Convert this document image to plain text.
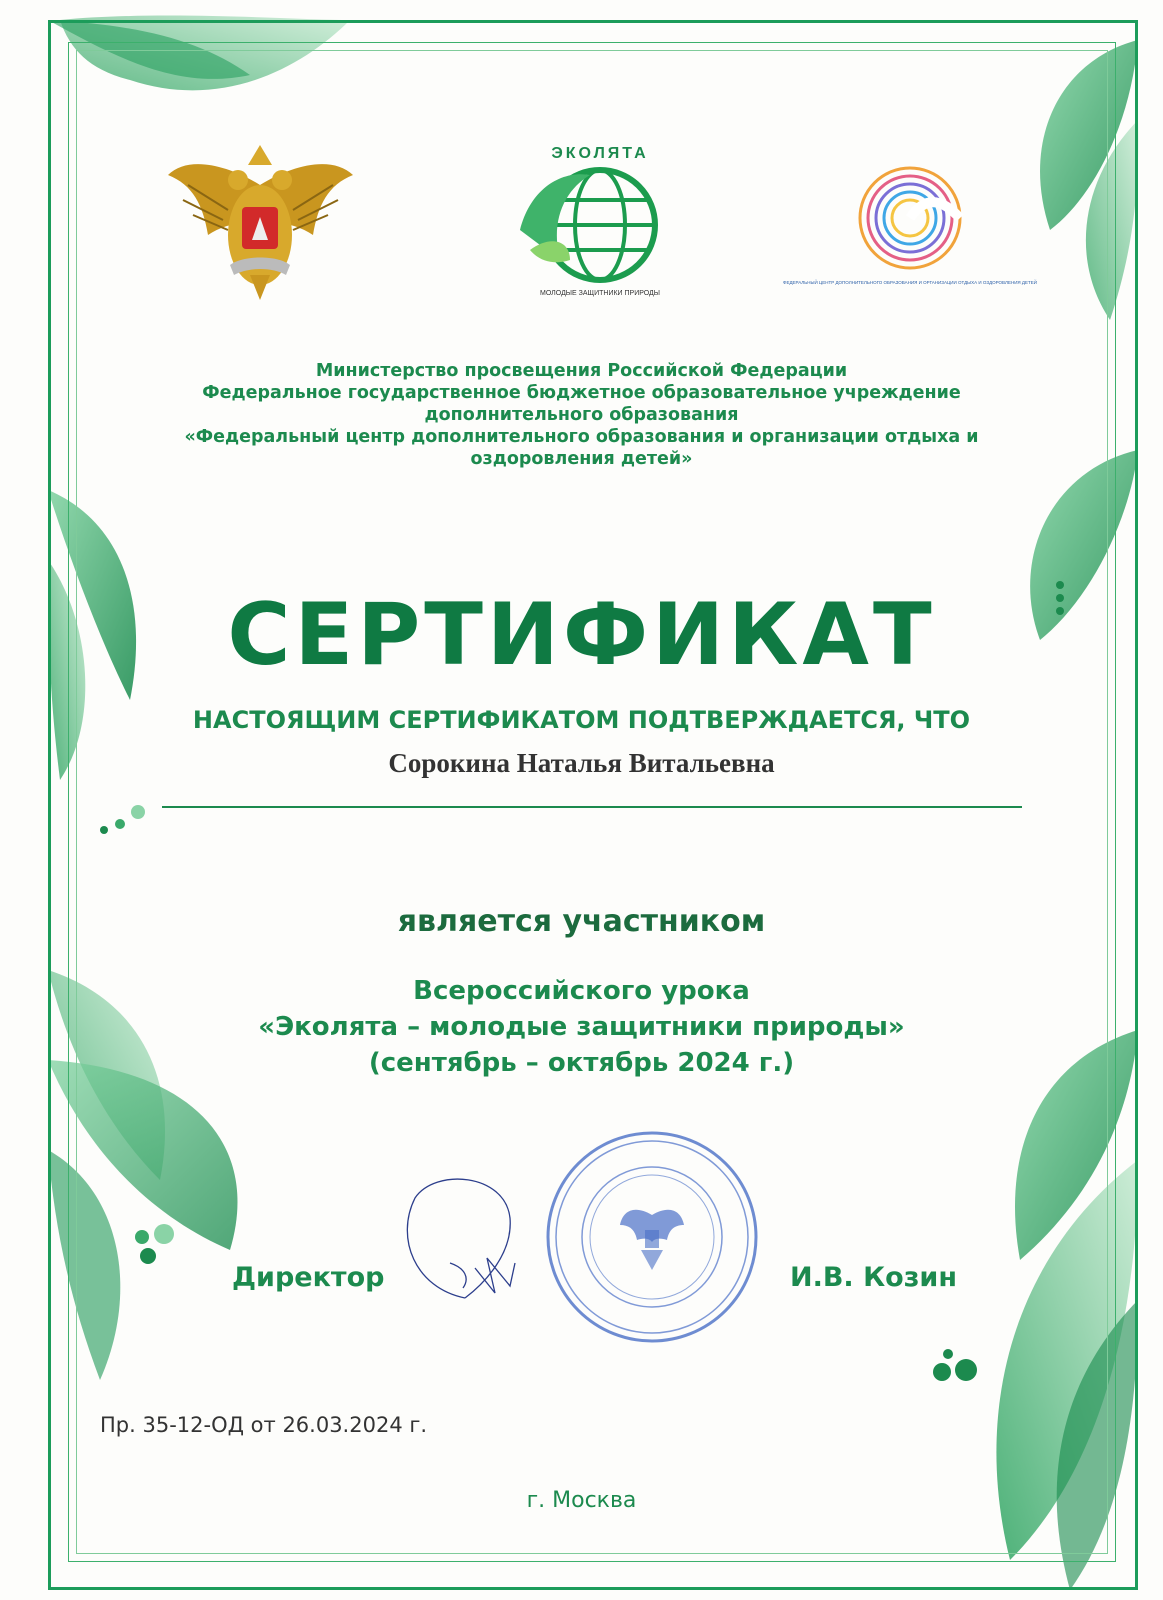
ЭКОЛЯТА
МОЛОДЫЕ ЗАЩИТНИКИ ПРИРОДЫ
ФЕДЕРАЛЬНЫЙ ЦЕНТР ДОПОЛНИТЕЛЬНОГО ОБРАЗОВАНИЯ И ОРГАНИЗАЦИИ ОТДЫХА И ОЗДОРОВЛЕНИЯ ДЕТЕЙ
Министерство просвещения Российской Федерации
Федеральное государственное бюджетное образовательное учреждение
дополнительного образования
«Федеральный центр дополнительного образования и организации отдыха и
оздоровления детей»
СЕРТИФИКАТ
НАСТОЯЩИМ СЕРТИФИКАТОМ ПОДТВЕРЖДАЕТСЯ, ЧТО
Сорокина Наталья Витальевна
является участником
Всероссийского урока
«Эколята – молодые защитники природы»
(сентябрь – октябрь 2024 г.)
Директор	И.В. Козин
Пр. 35-12-ОД от 26.03.2024 г.
г. Москва
